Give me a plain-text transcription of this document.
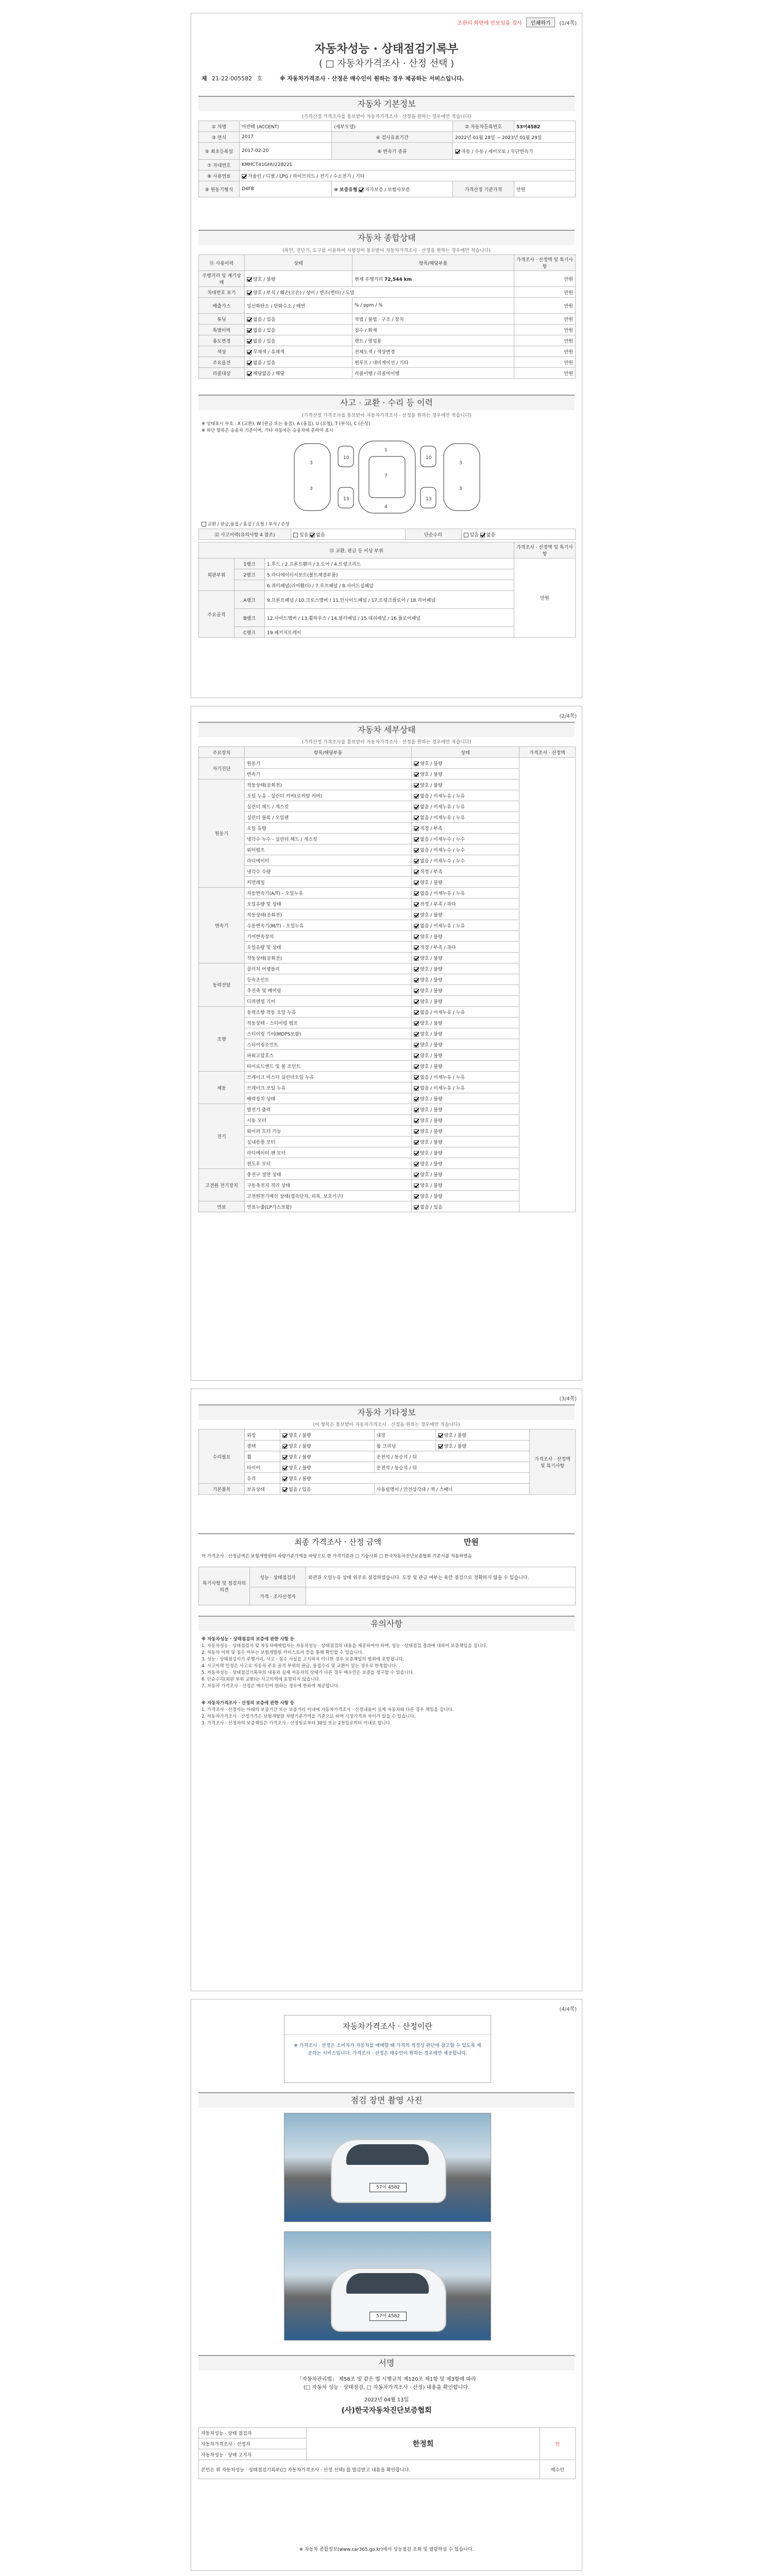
조판의 화면에 안보임을 검사	인쇄하기	(1/4쪽)

자동차성능 · 상태점검기록부

( □ 자동차가격조사 · 산정 선택 )
제 21-22-005582 호	※ 자동차가격조사 · 산정은 매수인이 원하는 경우 제공하는 서비스입니다.
자동차 기본정보
(가격산정 가격조사를 통보받아 자동차가격조사 · 산정을 원하는 경우에만 적습니다)
① 차명	아반떼 (ACCENT)	(세부모델)	② 자동차등록번호	53어4582
③ 연식	2017	④ 검사유효기간	2022년 01월 28일 ~ 2023년 01월 29일	
⑤ 최초등록일	2017-02-20	⑥ 변속기 종류	자동 / 수동 / 세미오토 / 무단변속기	
⑦ 차대번호	KMHCT41GHU228221			
⑧ 사용연료	가솔린 / 디젤 / LPG / 하이브리드 / 전기 / 수소전기 / 기타			
⑨ 원동기형식	D4FB	⑩ 보증유형 자가보증 / 보험사보증	가격산정 기준가격	만원
자동차 종합상태
(육안, 진단기, 도구를 이용하여 시험장비 통보받아 자동차가격조사 · 산정을 원하는 경우에만 적습니다)
⑪ 사용이력	상태	항목/해당부품	가격조사 · 산정액 및 특기사항
주행거리 및 계기상태	양호 / 불량	현재 주행거리 72,544 km	만원
차대번호 표기	양호 / 부식 / 훼손(오손) / 상이 / 변조(변타) / 도말		만원
배출가스	일산화탄소 / 탄화수소 / 매연	% / ppm / %	만원
튜닝	없음 / 있음	적법 / 불법 · 구조 / 장치	만원
특별이력	없음 / 있음	침수 / 화재	만원
용도변경	없음 / 있음	렌트 / 영업용	만원
색상	무채색 / 유채색	전체도색 / 색상변경	만원
주요옵션	없음 / 있음	썬루프 / 네비게이션 / 기타	만원
리콜대상	해당없음 / 해당	리콜이행 / 리콜미이행	만원
사고 · 교환 · 수리 등 이력
(가격산정 가격조사를 통보받아 자동차가격조사 · 산정을 원하는 경우에만 적습니다)
※ 상태표시 부호 : X (교환), W (판금 또는 용접), A (흠집), U (요철), T (부식), C (손상)
※ 하단 항목은 승용차 기준이며, 기타 자동차는 승용차에 준하여 표시
1
7
4
3
3
3
3
10	10
13	13
교환 / 판금,용접 / 흠집 / 요철 / 부식 / 손상
⑫ 사고이력(유의사항 4 참조)	있음 없음	단순수리	있음 없음
⑬ 교환, 판금 등 이상 부위			가격조사 · 산정액 및 특기사항
외판부위	1랭크	1.후드 / 2.프론트휀더 / 3.도어 / 4.트렁크리드	만원
	2랭크	5.라디에이터서포트(볼트체결부품)	
		6.쿼터패널(리어휀더) / 7.루프패널 / 8.사이드실패널	
주요골격	A랭크	9.프론트패널 / 10.크로스멤버 / 11.인사이드패널 / 17.트렁크플로어 / 18.리어패널	
	B랭크	12.사이드멤버 / 13.휠하우스 / 14.필러패널 / 15.대쉬패널 / 16.플로어패널	
	C랭크	19.패키지트레이	
(2/4쪽)
자동차 세부상태
(가격산정 가격조사를 통보받아 자동차가격조사 · 산정을 원하는 경우에만 적습니다)
주요장치	항목/해당부품	상태	가격조사 · 산정액
자기진단	원동기	양호 / 불량	
	변속기	양호 / 불량	
원동기	작동상태(공회전)	양호 / 불량	
	오일 누유 - 실린더 커버(로커암 커버)	없음 / 미세누유 / 누유	
	실린더 헤드 / 개스킷	없음 / 미세누유 / 누유	
	실린더 블록 / 오일팬	없음 / 미세누유 / 누유	
	오일 유량	적정 / 부족	
	냉각수 누수 - 실린더 헤드 / 개스킷	없음 / 미세누수 / 누수	
	워터펌프	없음 / 미세누수 / 누수	
	라디에이터	없음 / 미세누수 / 누수	
	냉각수 수량	적정 / 부족	
	커먼레일	양호 / 불량	
변속기	자동변속기(A/T) - 오일누유	없음 / 미세누유 / 누유	
	오일유량 및 상태	적정 / 부족 / 과다	
	작동상태(공회전)	양호 / 불량	
	수동변속기(M/T) - 오일누유	없음 / 미세누유 / 누유	
	기어변속장치	양호 / 불량	
	오일유량 및 상태	적정 / 부족 / 과다	
	작동상태(공회전)	양호 / 불량	
동력전달	클러치 어셈블리	양호 / 불량	
	등속조인트	양호 / 불량	
	추진축 및 베어링	양호 / 불량	
	디퍼렌셜 기어	양호 / 불량	
조향	동력조향 작동 오일 누유	없음 / 미세누유 / 누유	
	작동상태 - 스티어링 펌프	양호 / 불량	
	스티어링 기어(MDPS포함)	양호 / 불량	
	스티어링조인트	양호 / 불량	
	파워고압호스	양호 / 불량	
	타이로드엔드 및 볼 조인트	양호 / 불량	
제동	브레이크 마스터 실린더오일 누유	없음 / 미세누유 / 누유	
	브레이크 오일 누유	없음 / 미세누유 / 누유	
	배력장치 상태	양호 / 불량	
전기	발전기 출력	양호 / 불량	
	시동 모터	양호 / 불량	
	와이퍼 모터 기능	양호 / 불량	
	실내송풍 모터	양호 / 불량	
	라디에이터 팬 모터	양호 / 불량	
	윈도우 모터	양호 / 불량	
고전원 전기장치	충전구 절연 상태	양호 / 불량	
	구동축전지 격리 상태	양호 / 불량	
	고전원전기배선 상태(접속단자, 피복, 보호기구)	양호 / 불량	
연료	연료누출(LP가스포함)	없음 / 있음	
(3/4쪽)
자동차 기타정보
(이 항목은 통보받아 자동차가격조사 · 산정을 원하는 경우에만 적습니다)
수리필요	외장	양호 / 불량	내장	양호 / 불량	가격조사 · 산정액 및 특기사항
	광택	양호 / 불량	룸 크리닝	양호 / 불량	
	휠	양호 / 불량	운전석 / 동승석 / 뒤		
	타이어	양호 / 불량	운전석 / 동승석 / 뒤		
	유리	양호 / 불량			
기본품목	보유상태	없음 / 있음	사용설명서 / 안전삼각대 / 잭 / 스패너		
최종 가격조사 · 산정 금액	만원
이 가격조사 · 산정금액은 보험개발원의 차량기준가액을 바탕으로 한 가격기준과 □ 기술사회 □ 한국자동차진단보증협회 기준서를 적용하였음
특기사항 및 점검자의 의견	성능 · 상태점검자	외관과 오일누유 상태 위주로 점검하였습니다. 도장 및 판금 여부는 육안 점검으로 정확하지 않을 수 있습니다.
	가격 · 조사산정자	
유의사항
※ 자동차성능 · 상태점검의 보증에 관한 사항 등
1. 자동차성능 · 상태점검자 및 자동차매매업자는 자동차성능 · 상태점검의 내용을 제공하여야 하며, 성능 · 상태점검 결과에 대하여 보증책임을 집니다.
2. 자동차 이력 및 침수 여부는 보험개발원 카히스토리 등을 통해 확인할 수 있습니다.
3. 성능 · 상태점검자가 주행거리, 사고 · 침수 사실을 고지하지 아니한 경우 보증책임의 범위에 포함됩니다.
4. 사고이력 인정은 사고로 자동차 주요 골격 부위의 판금, 용접수리 및 교환이 있는 경우로 한정합니다.
5. 자동차성능 · 상태점검기록부의 내용과 실제 자동차의 상태가 다른 경우 매수인은 보증을 청구할 수 있습니다.
6. 단순수리(외판 부위 교환)는 사고이력에 포함되지 않습니다.
7. 자동차 가격조사 · 산정은 매수인이 원하는 경우에 한하여 제공합니다.
※ 자동차가격조사 · 산정의 보증에 관한 사항 등
1. 가격조사 · 산정자는 아래의 보증기간 또는 보증거리 이내에 자동차가격조사 · 산정내용이 실제 자동차와 다른 경우 책임을 집니다.
2. 자동차가격조사 · 산정가격은 보험개발원 차량기준가액을 기준으로 하며 시장가격과 차이가 있을 수 있습니다.
3. 가격조사 · 산정자의 보증책임은 가격조사 · 산정일로부터 30일 또는 2천킬로미터 이내로 합니다.
(4/4쪽)
자동차가격조사 · 산정이란
※ 가격조사 · 산정은 소비자가 자동차를 매매할 때 가격의 적정성 판단에 참고할 수 있도록 제공하는 서비스입니다. 가격조사 · 산정은 매수인이 원하는 경우에만 제공합니다.
점검 장면 촬영 사진
57어 4582
57어 4582
서명
「자동차관리법」 제58조 및 같은 법 시행규칙 제120조 제1항 및 제3항에 따라
(□ 자동차 성능 · 상태점검, □ 자동차가격조사 · 산정) 내용을 확인합니다.
2022년 04월 13일
(사)한국자동차진단보증협회
자동차성능 · 상태 점검자	한정희	인
자동차가격조사 · 산정자		
자동차성능 · 상태 고지자		
본인은 위 자동차성능 · 상태점검기록부(□ 자동차가격조사 · 산정 선택) 를 발급받고 내용을 확인합니다.		매수인
※ 자동차 종합정보(www.car365.go.kr)에서 성능점검 조회 및 열람하실 수 있습니다.
